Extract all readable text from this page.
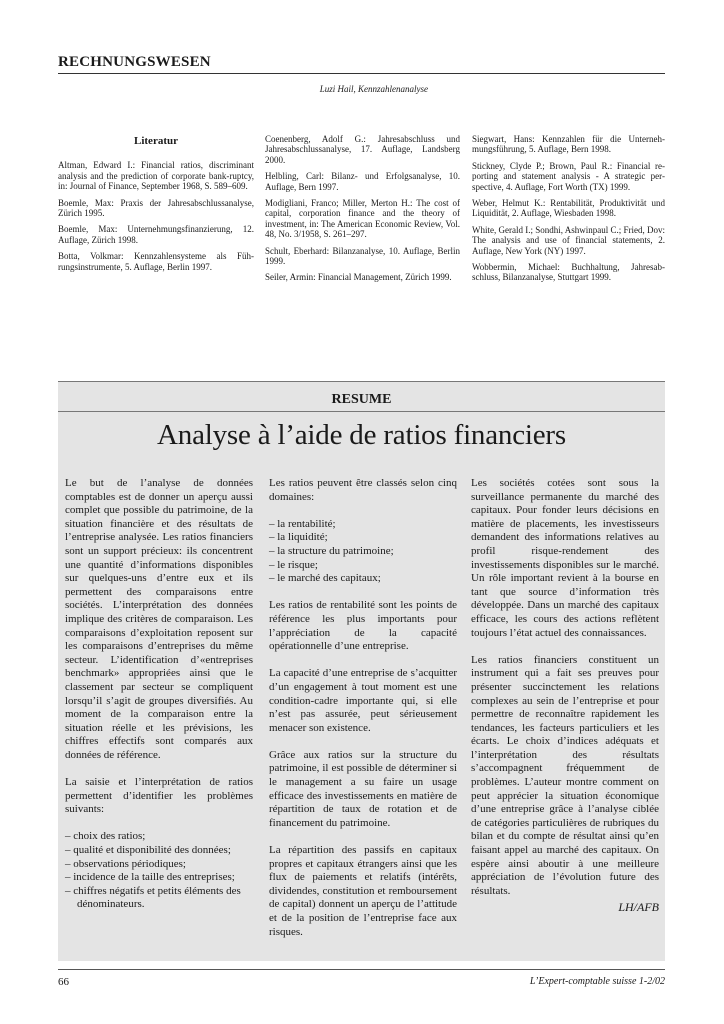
RECHNUNGSWESEN
Luzi Hail, Kennzahlenanalyse

Literatur

Altman, Edward I.: Financial ratios, discriminant analysis and the prediction of corporate bank-ruptcy, in: Journal of Finance, September 1968, S. 589–609.

Boemle, Max: Praxis der Jahresabschlussanalyse, Zürich 1995.

Boemle, Max: Unternehmungsfinanzierung, 12. Auflage, Zürich 1998.

Botta, Volkmar: Kennzahlensysteme als Füh-rungsinstrumente, 5. Auflage, Berlin 1997.

Coenenberg, Adolf G.: Jahresabschluss und Jahresabschlussanalyse, 17. Auflage, Landsberg 2000.

Helbling, Carl: Bilanz- und Erfolgsanalyse, 10. Auflage, Bern 1997.

Modigliani, Franco; Miller, Merton H.: The cost of capital, corporation finance and the theory of investment, in: The American Economic Review, Vol. 48, No. 3/1958, S. 261–297.

Schult, Eberhard: Bilanzanalyse, 10. Auflage, Berlin 1999.

Seiler, Armin: Financial Management, Zürich 1999.

Siegwart, Hans: Kennzahlen für die Unterneh-mungsführung, 5. Auflage, Bern 1998.

Stickney, Clyde P.; Brown, Paul R.: Financial re-porting and statement analysis - A strategic per-spective, 4. Auflage, Fort Worth (TX) 1999.

Weber, Helmut K.: Rentabilität, Produktivität und Liquidität, 2. Auflage, Wiesbaden 1998.

White, Gerald I.; Sondhi, Ashwinpaul C.; Fried, Dov: The analysis and use of financial statements, 2. Auflage, New York (NY) 1997.

Wobbermin, Michael: Buchhaltung, Jahresab-schluss, Bilanzanalyse, Stuttgart 1999.

RESUME
Analyse à l’aide de ratios financiers

Le but de l’analyse de données comptables est de donner un aperçu aussi complet que possible du patrimoine, de la situation financière et des résultats de l’entreprise analysée. Les ratios financiers sont un support précieux: ils concentrent une quantité d’informations disponibles sur quelques-uns d’entre eux et ils permettent des comparaisons entre sociétés. L’interprétation des données implique des critères de comparaison. Les comparaisons d’exploitation reposent sur les comparaisons d’entreprises du même secteur. L’identification d’«entreprises benchmark» appropriées ainsi que le classement par secteur se compliquent lorsqu’il s’agit de groupes diversifiés. Au moment de la comparaison entre la situation réelle et les prévisions, les chiffres effectifs sont comparés aux données de référence.

La saisie et l’interprétation de ratios permettent d’identifier les problèmes suivants:

– choix des ratios;
– qualité et disponibilité des données;
– observations périodiques;
– incidence de la taille des entreprises;
– chiffres négatifs et petits éléments des dénominateurs.

Les ratios peuvent être classés selon cinq domaines:

– la rentabilité;
– la liquidité;
– la structure du patrimoine;
– le risque;
– le marché des capitaux;

Les ratios de rentabilité sont les points de référence les plus importants pour l’appréciation de la capacité opérationnelle d’une entreprise.

La capacité d’une entreprise de s’acquitter d’un engagement à tout moment est une condition-cadre importante qui, si elle n’est pas assurée, peut sérieusement menacer son existence.

Grâce aux ratios sur la structure du patrimoine, il est possible de déterminer si le management a su faire un usage efficace des investissements en matière de répartition de taux de rotation et de financement du patrimoine.

La répartition des passifs en capitaux propres et capitaux étrangers ainsi que les flux de paiements et relatifs (intérêts, dividendes, constitution et remboursement de capital) donnent un aperçu de l’attitude et de la position de l’entreprise face aux risques.

Les sociétés cotées sont sous la surveillance permanente du marché des capitaux. Pour fonder leurs décisions en matière de placements, les investisseurs demandent des informations relatives au profil risque-rendement des investissements disponibles sur le marché. Un rôle important revient à la bourse en tant que source d’information très développée. Dans un marché des capitaux efficace, les cours des actions reflètent toujours l’état actuel des connaissances.

Les ratios financiers constituent un instrument qui a fait ses preuves pour présenter succinctement les relations complexes au sein de l’entreprise et pour permettre de reconnaître rapidement les tendances, les facteurs particuliers et les écarts. Le choix d’indices adéquats et l’interprétation des résultats s’accompagnent fréquemment de problèmes. L’auteur montre comment on peut apprécier la situation économique d’une entreprise grâce à l’analyse ciblée de catégories particulières de rubriques du bilan et du compte de résultat ainsi qu’en faisant appel au marché des capitaux. On espère ainsi aboutir à une meilleure appréciation de l’évolution future des résultats.

LH/AFB
66	L’Expert-comptable suisse 1-2/02
